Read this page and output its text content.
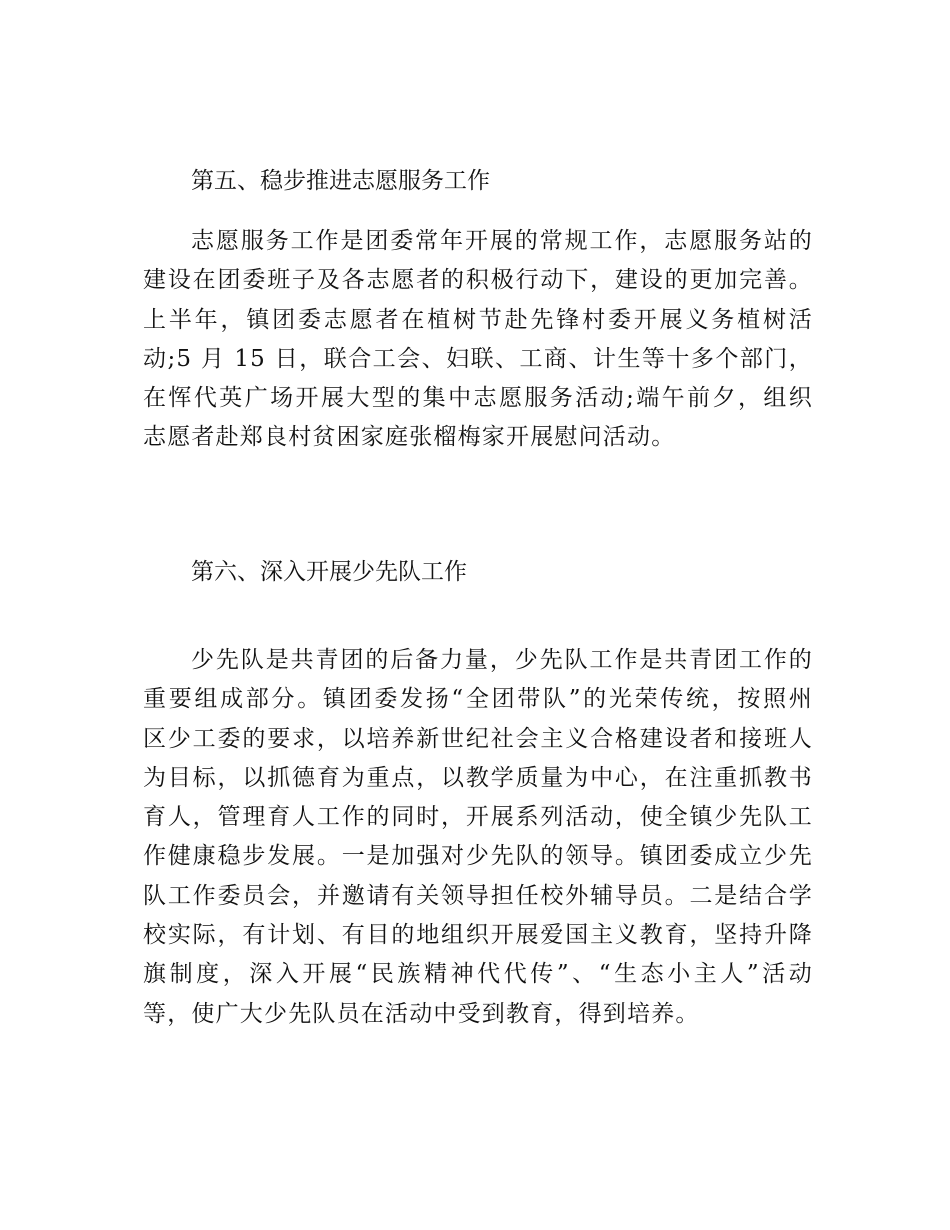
第五、稳步推进志愿服务工作

志愿服务工作是团委常年开展的常规工作，志愿服务站的
建设在团委班子及各志愿者的积极行动下，建设的更加完善。
上半年，镇团委志愿者在植树节赴先锋村委开展义务植树活
动;5 月 15 日，联合工会、妇联、工商、计生等十多个部门，
在恽代英广场开展大型的集中志愿服务活动;端午前夕，组织
志愿者赴郑良村贫困家庭张榴梅家开展慰问活动。

第六、深入开展少先队工作

少先队是共青团的后备力量，少先队工作是共青团工作的
重要组成部分。镇团委发扬“全团带队”的光荣传统，按照州
区少工委的要求，以培养新世纪社会主义合格建设者和接班人
为目标，以抓德育为重点，以教学质量为中心，在注重抓教书
育人，管理育人工作的同时，开展系列活动，使全镇少先队工
作健康稳步发展。一是加强对少先队的领导。镇团委成立少先
队工作委员会，并邀请有关领导担任校外辅导员。二是结合学
校实际，有计划、有目的地组织开展爱国主义教育，坚持升降
旗制度，深入开展“民族精神代代传”、“生态小主人”活动
等，使广大少先队员在活动中受到教育，得到培养。
